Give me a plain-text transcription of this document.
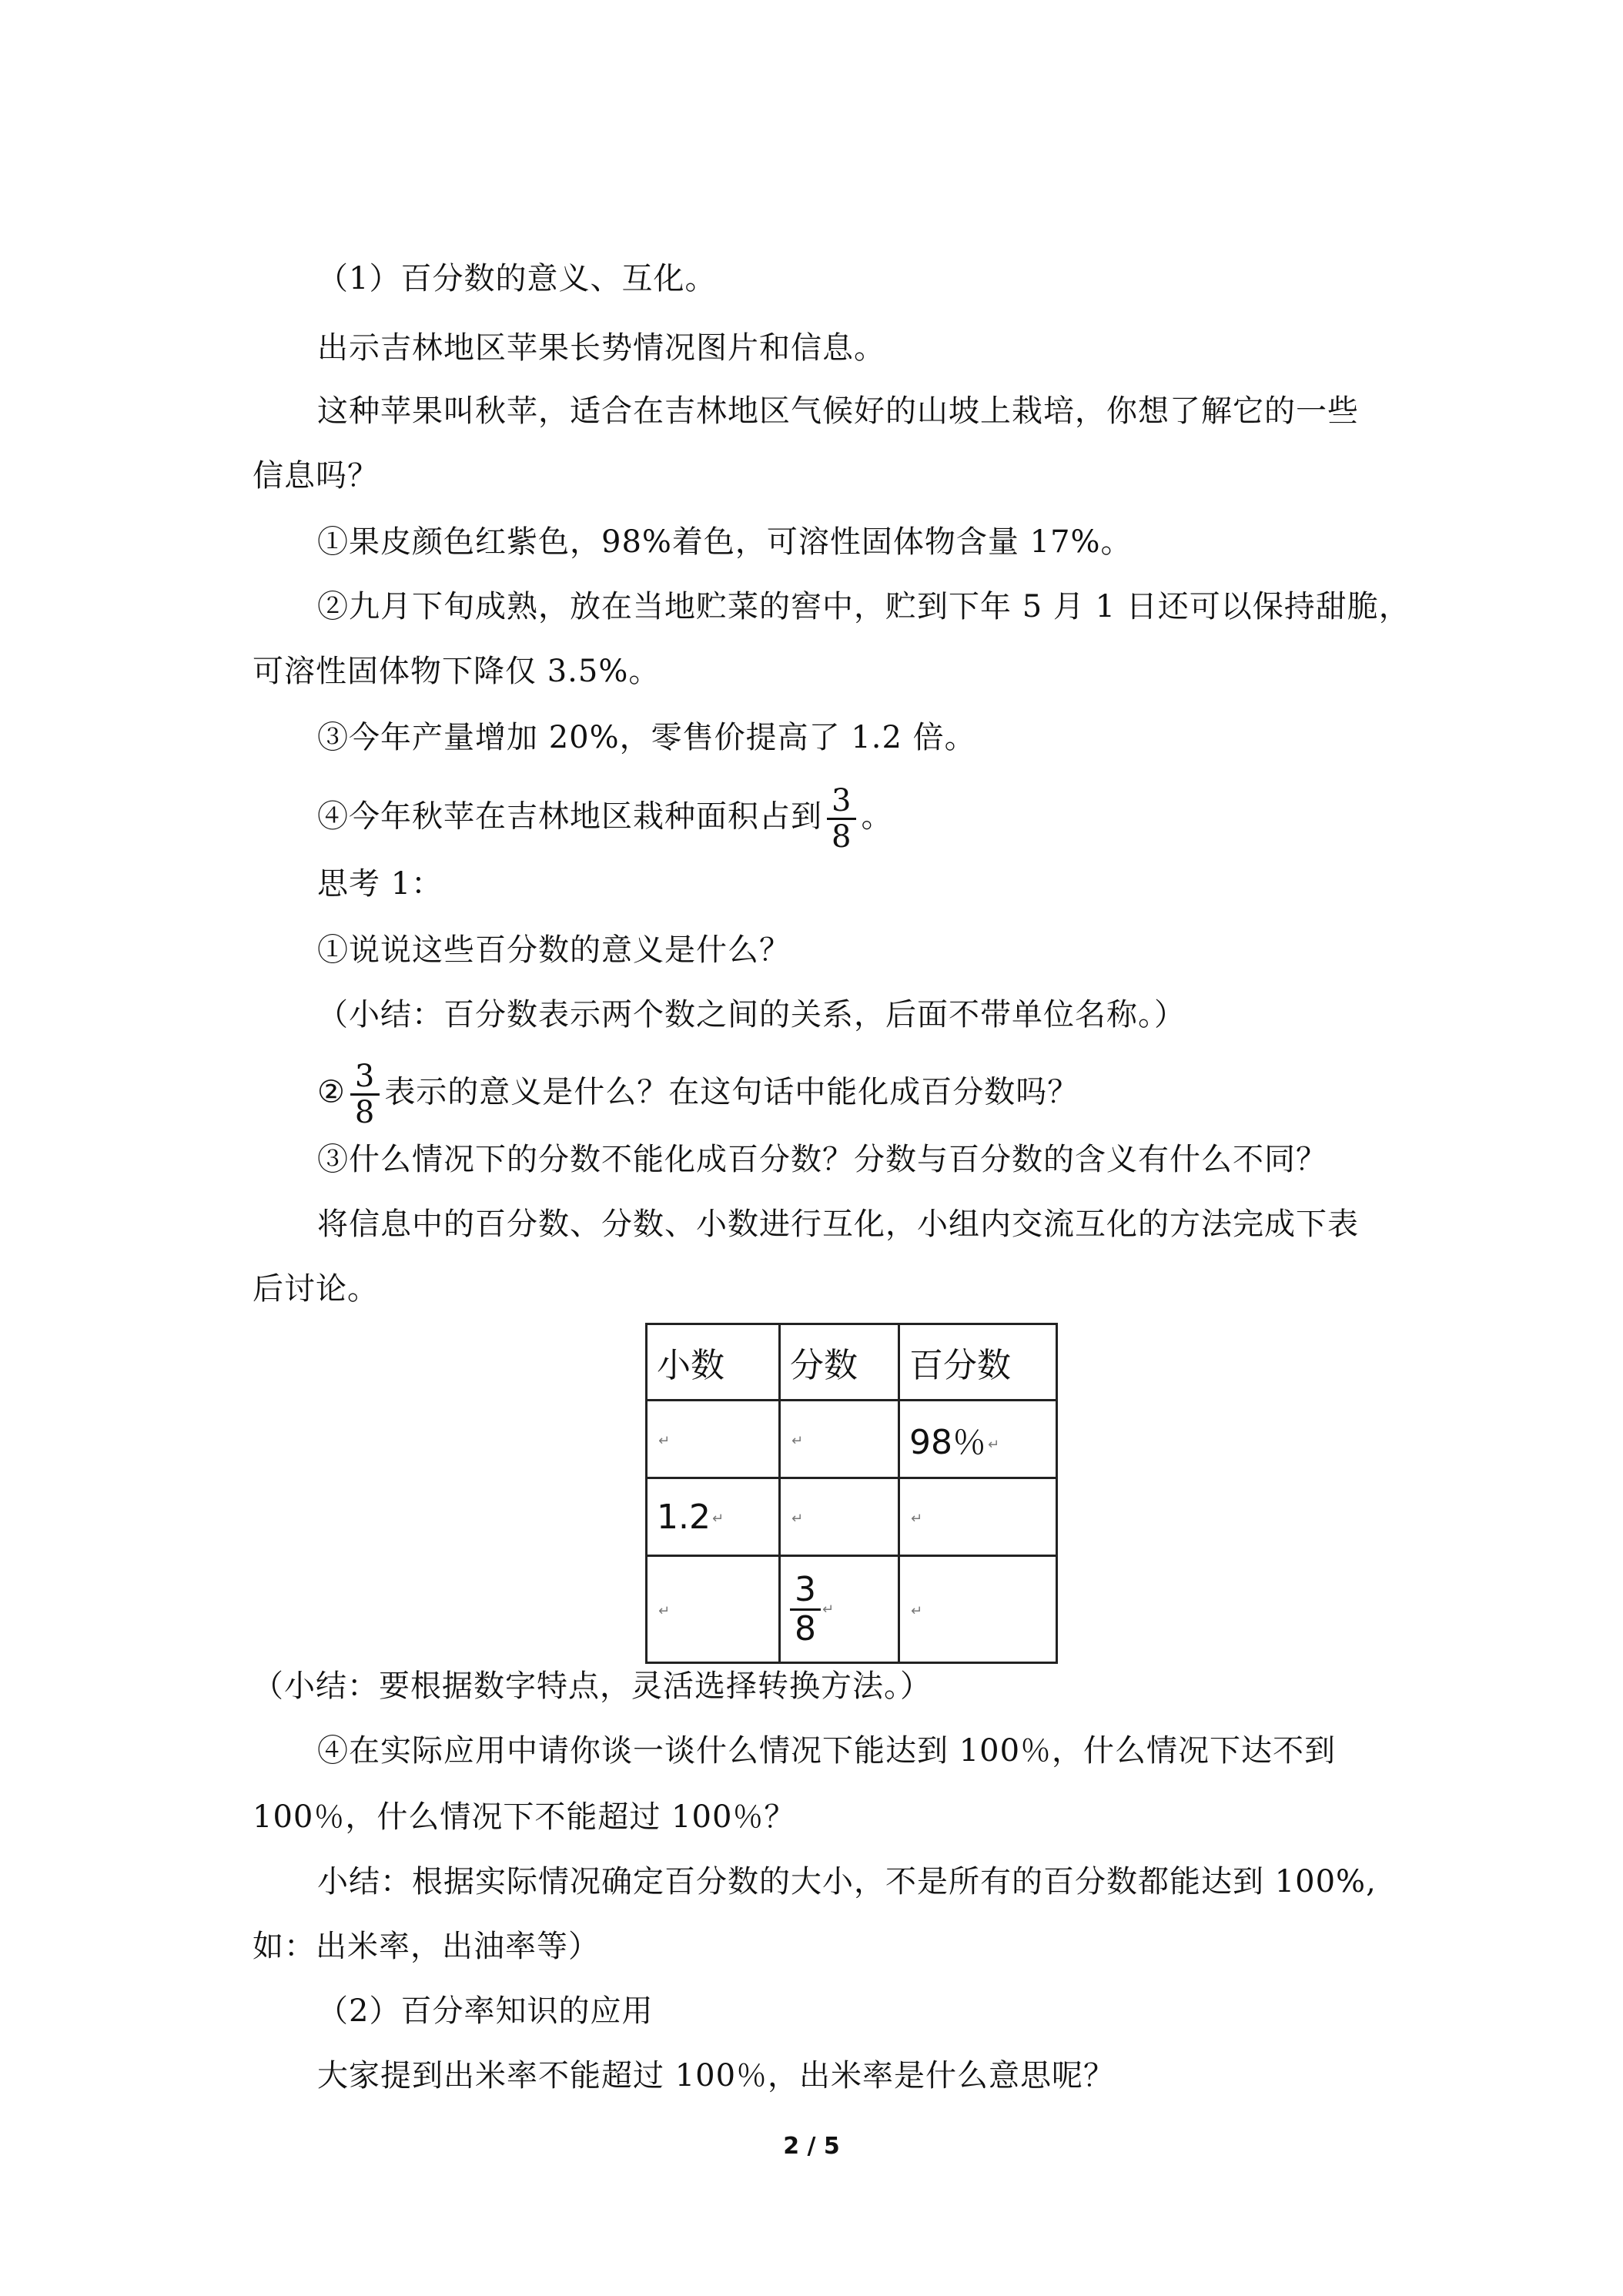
（1）百分数的意义、互化。
出示吉林地区苹果长势情况图片和信息。
这种苹果叫秋苹，适合在吉林地区气候好的山坡上栽培，你想了解它的一些
信息吗？
①果皮颜色红紫色，98%着色，可溶性固体物含量 17%。
②九月下旬成熟，放在当地贮菜的窖中，贮到下年 5 月 1 日还可以保持甜脆，
可溶性固体物下降仅 3.5%。
③今年产量增加 20%，零售价提高了 1.2 倍。
④今年秋苹在吉林地区栽种面积占到 $\frac{3}{8}$ 。
思考 1：
①说说这些百分数的意义是什么？
（小结：百分数表示两个数之间的关系，后面不带单位名称。）
② $\frac{3}{8}$ 表示的意义是什么？在这句话中能化成百分数吗？
③什么情况下的分数不能化成百分数？分数与百分数的含义有什么不同？
将信息中的百分数、分数、小数进行互化，小组内交流互化的方法完成下表
后讨论。
小数	分数	百分数
↵	↵	98％ ↵
1.2 ↵	↵	↵
↵	$\frac{3}{8}$ ↵	↵
（小结：要根据数字特点，灵活选择转换方法。）
④在实际应用中请你谈一谈什么情况下能达到 100％，什么情况下达不到
100％，什么情况下不能超过 100％？
小结：根据实际情况确定百分数的大小，不是所有的百分数都能达到 100%,
如：出米率，出油率等）
（2）百分率知识的应用
大家提到出米率不能超过 100％，出米率是什么意思呢？
2 / 5
